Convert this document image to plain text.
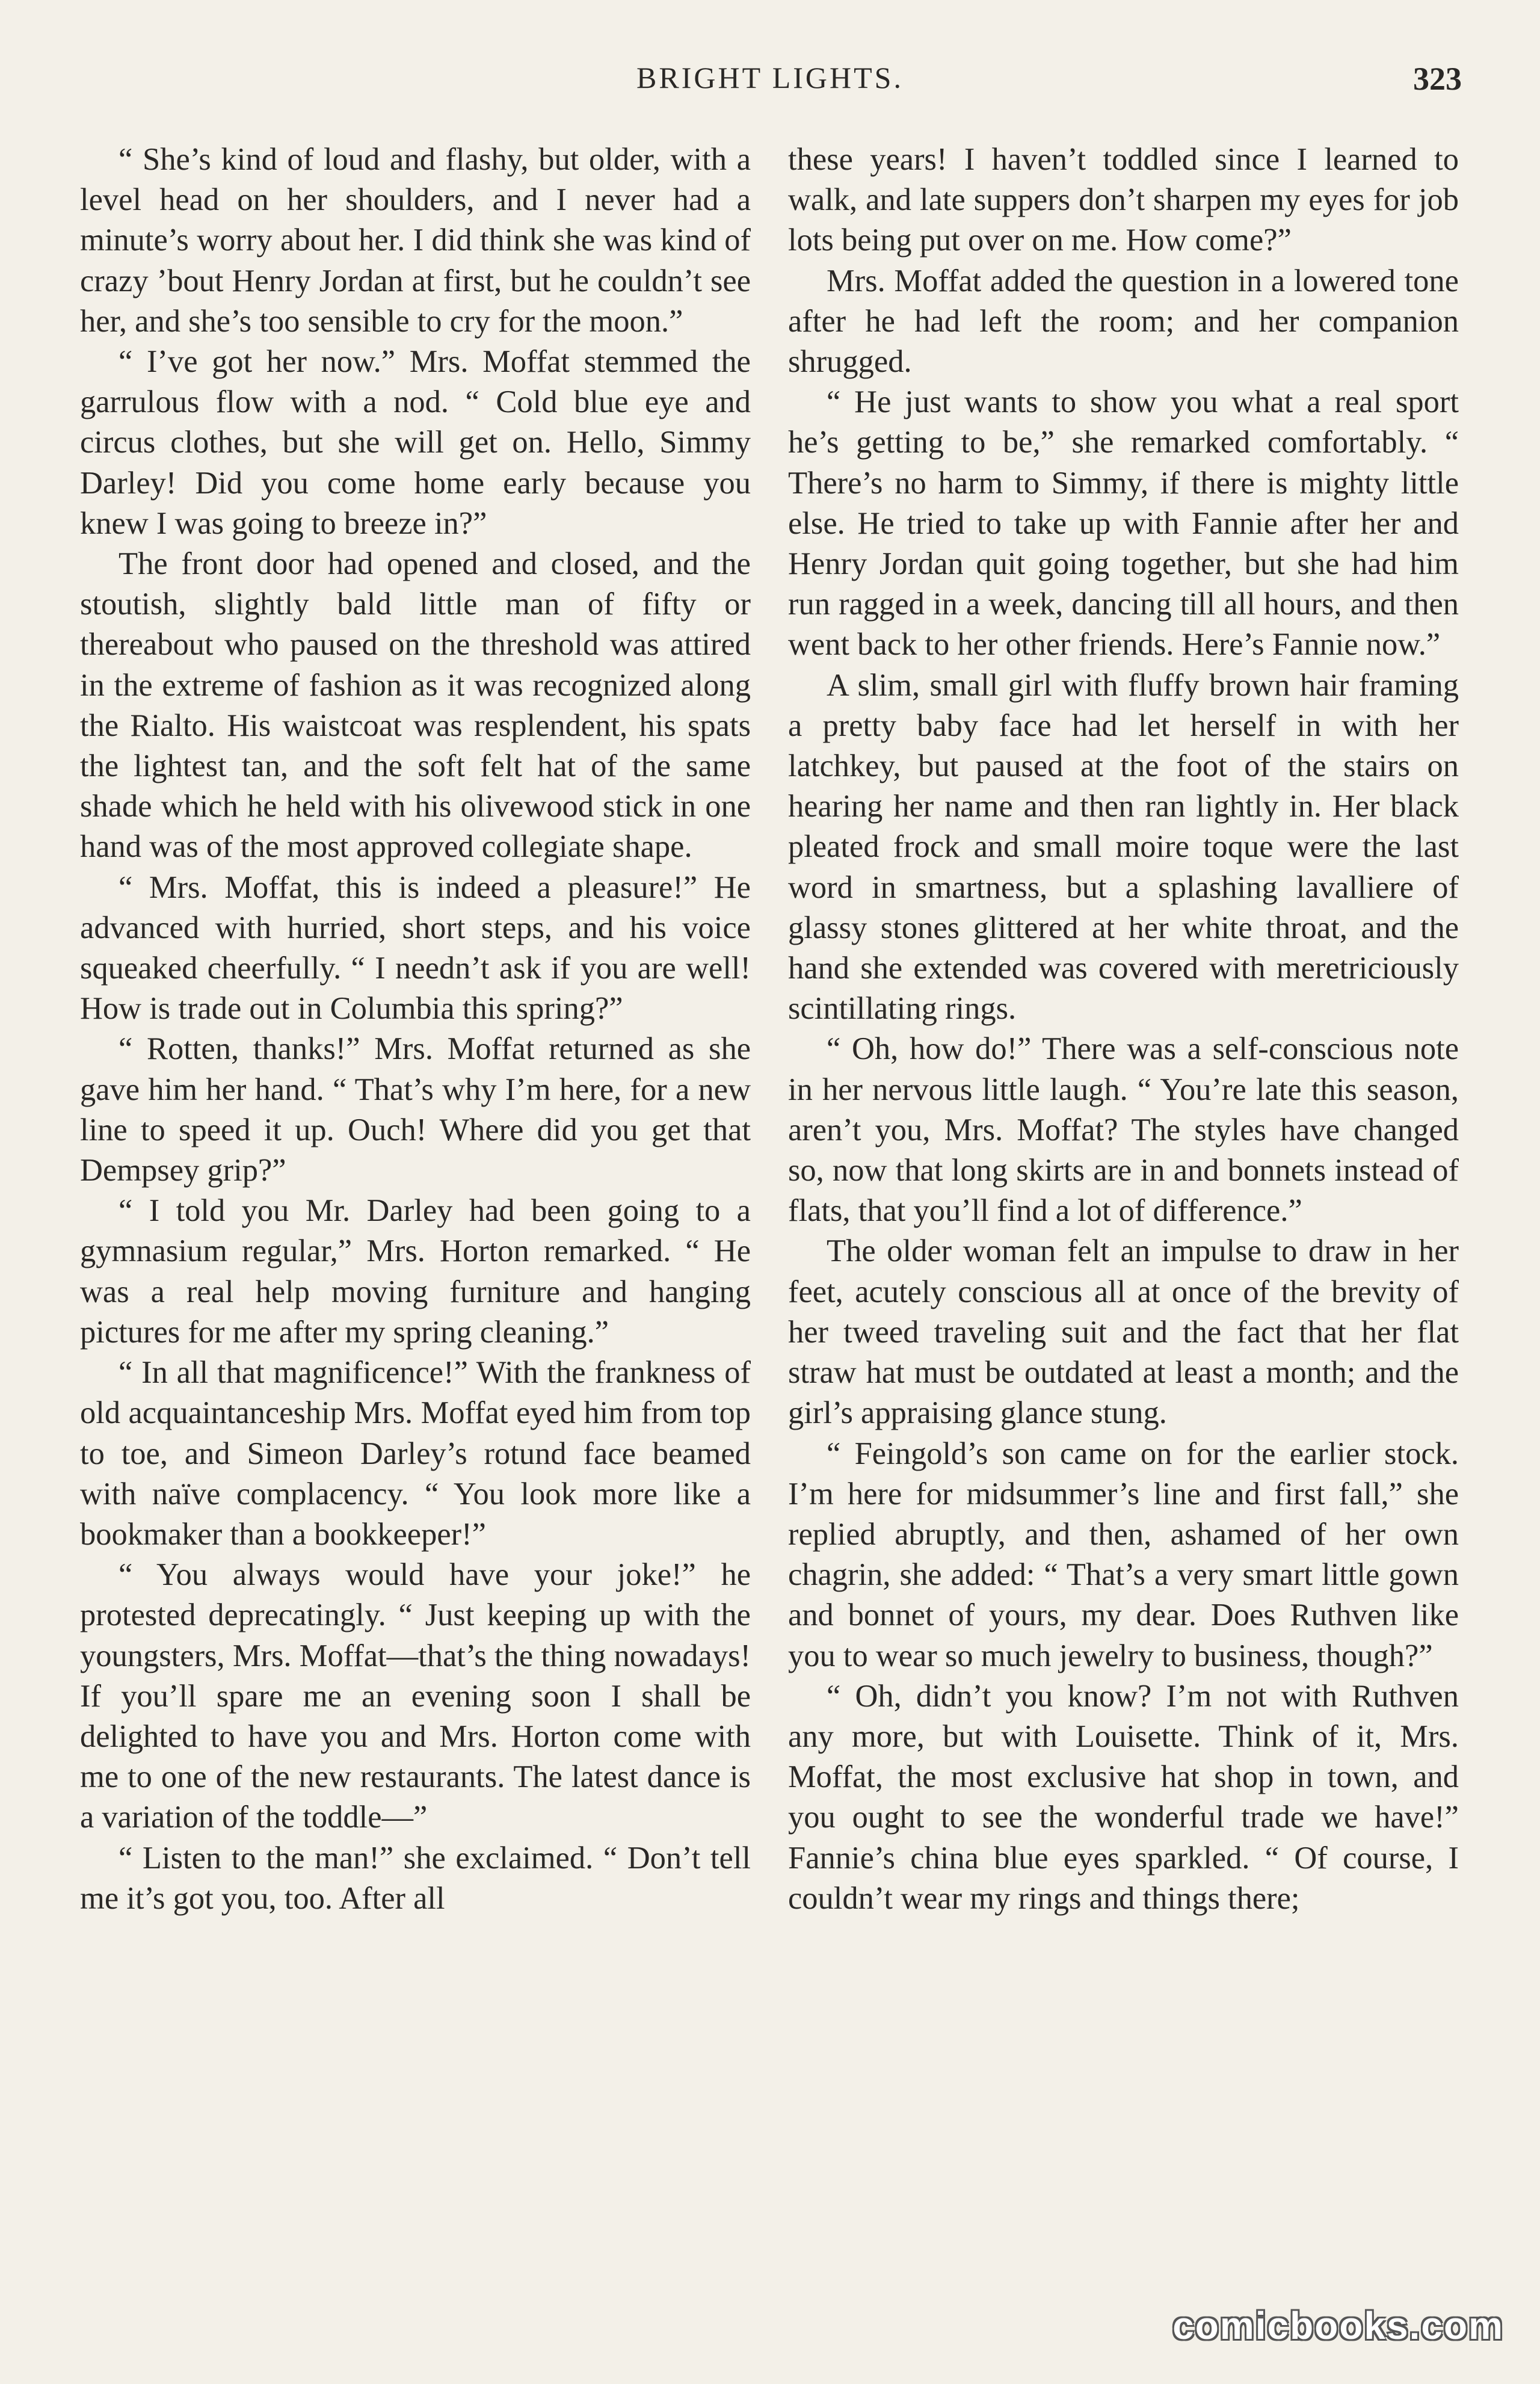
BRIGHT LIGHTS.	323

“ She’s kind of loud and flashy, but older, with a level head on her shoulders, and I never had a minute’s worry about her. I did think she was kind of crazy ’bout Henry Jordan at first, but he couldn’t see her, and she’s too sensible to cry for the moon.”

“ I’ve got her now.” Mrs. Moffat stemmed the garrulous flow with a nod. “ Cold blue eye and circus clothes, but she will get on. Hello, Simmy Darley! Did you come home early because you knew I was going to breeze in?”

The front door had opened and closed, and the stoutish, slightly bald little man of fifty or thereabout who paused on the threshold was attired in the extreme of fashion as it was recognized along the Rialto. His waistcoat was resplendent, his spats the lightest tan, and the soft felt hat of the same shade which he held with his olivewood stick in one hand was of the most approved collegiate shape.

“ Mrs. Moffat, this is indeed a pleasure!” He advanced with hurried, short steps, and his voice squeaked cheerfully. “ I needn’t ask if you are well! How is trade out in Columbia this spring?”

“ Rotten, thanks!” Mrs. Moffat returned as she gave him her hand. “ That’s why I’m here, for a new line to speed it up. Ouch! Where did you get that Dempsey grip?”

“ I told you Mr. Darley had been going to a gymnasium regular,” Mrs. Horton remarked. “ He was a real help moving furniture and hanging pictures for me after my spring cleaning.”

“ In all that magnificence!” With the frankness of old acquaintanceship Mrs. Moffat eyed him from top to toe, and Simeon Darley’s rotund face beamed with naïve complacency. “ You look more like a bookmaker than a bookkeeper!”

“ You always would have your joke!” he protested deprecatingly. “ Just keeping up with the youngsters, Mrs. Moffat—that’s the thing nowadays! If you’ll spare me an evening soon I shall be delighted to have you and Mrs. Horton come with me to one of the new restaurants. The latest dance is a variation of the toddle—”

“ Listen to the man!” she exclaimed. “ Don’t tell me it’s got you, too. After all

these years! I haven’t toddled since I learned to walk, and late suppers don’t sharpen my eyes for job lots being put over on me. How come?”

Mrs. Moffat added the question in a lowered tone after he had left the room; and her companion shrugged.

“ He just wants to show you what a real sport he’s getting to be,” she remarked comfortably. “ There’s no harm to Simmy, if there is mighty little else. He tried to take up with Fannie after her and Henry Jordan quit going together, but she had him run ragged in a week, dancing till all hours, and then went back to her other friends. Here’s Fannie now.”

A slim, small girl with fluffy brown hair framing a pretty baby face had let herself in with her latchkey, but paused at the foot of the stairs on hearing her name and then ran lightly in. Her black pleated frock and small moire toque were the last word in smartness, but a splashing lavalliere of glassy stones glittered at her white throat, and the hand she extended was covered with meretriciously scintillating rings.

“ Oh, how do!” There was a self-conscious note in her nervous little laugh. “ You’re late this season, aren’t you, Mrs. Moffat? The styles have changed so, now that long skirts are in and bonnets instead of flats, that you’ll find a lot of difference.”

The older woman felt an impulse to draw in her feet, acutely conscious all at once of the brevity of her tweed traveling suit and the fact that her flat straw hat must be outdated at least a month; and the girl’s appraising glance stung.

“ Feingold’s son came on for the earlier stock. I’m here for midsummer’s line and first fall,” she replied abruptly, and then, ashamed of her own chagrin, she added: “ That’s a very smart little gown and bonnet of yours, my dear. Does Ruthven like you to wear so much jewelry to business, though?”

“ Oh, didn’t you know? I’m not with Ruthven any more, but with Louisette. Think of it, Mrs. Moffat, the most exclusive hat shop in town, and you ought to see the wonderful trade we have!” Fannie’s china blue eyes sparkled. “ Of course, I couldn’t wear my rings and things there;

comicbooks.com
